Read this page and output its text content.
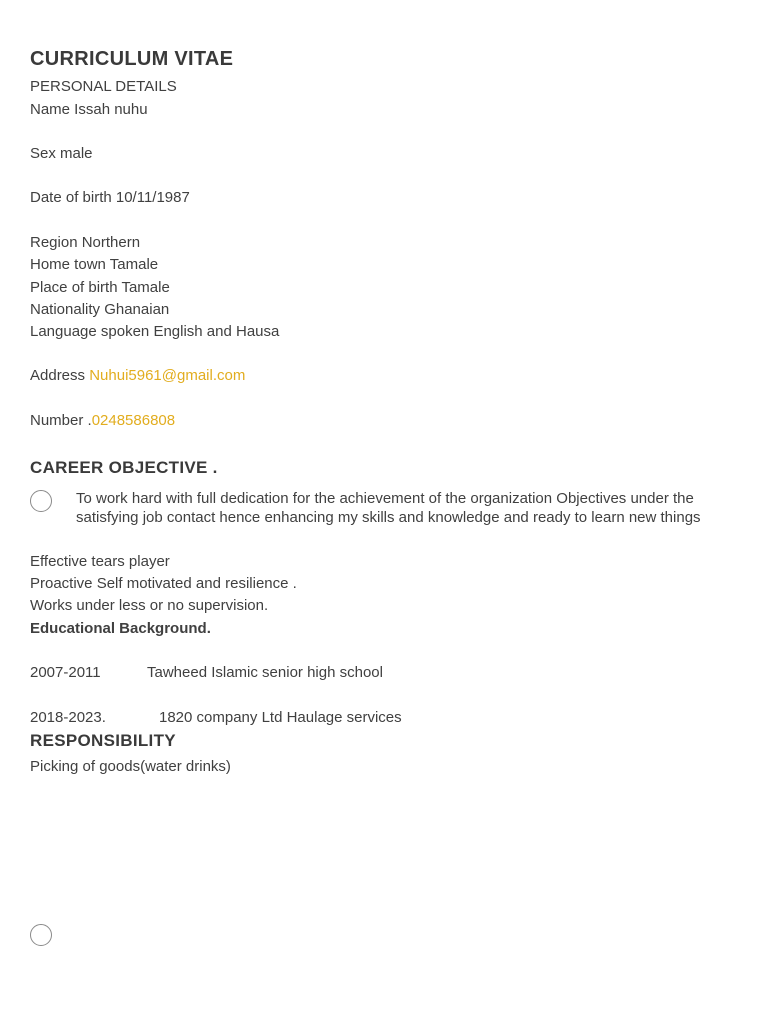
CURRICULUM VITAE
PERSONAL DETAILS
Name Issah nuhu
Sex male
Date of birth 10/11/1987
Region Northern
Home town Tamale
Place of birth Tamale
Nationality Ghanaian
Language spoken English and Hausa
Address Nuhui5961@gmail.com
Number .0248586808
CAREER OBJECTIVE .
To work hard with full dedication for the achievement of the organization Objectives under the satisfying job contact hence enhancing my skills and knowledge and ready to learn new things
Effective tears player
Proactive Self motivated and resilience .
Works under less or no supervision.
Educational Background.
2007-2011	Tawheed Islamic senior high school
2018-2023.	1820 company Ltd Haulage services
RESPONSIBILITY
Picking of goods(water drinks)
